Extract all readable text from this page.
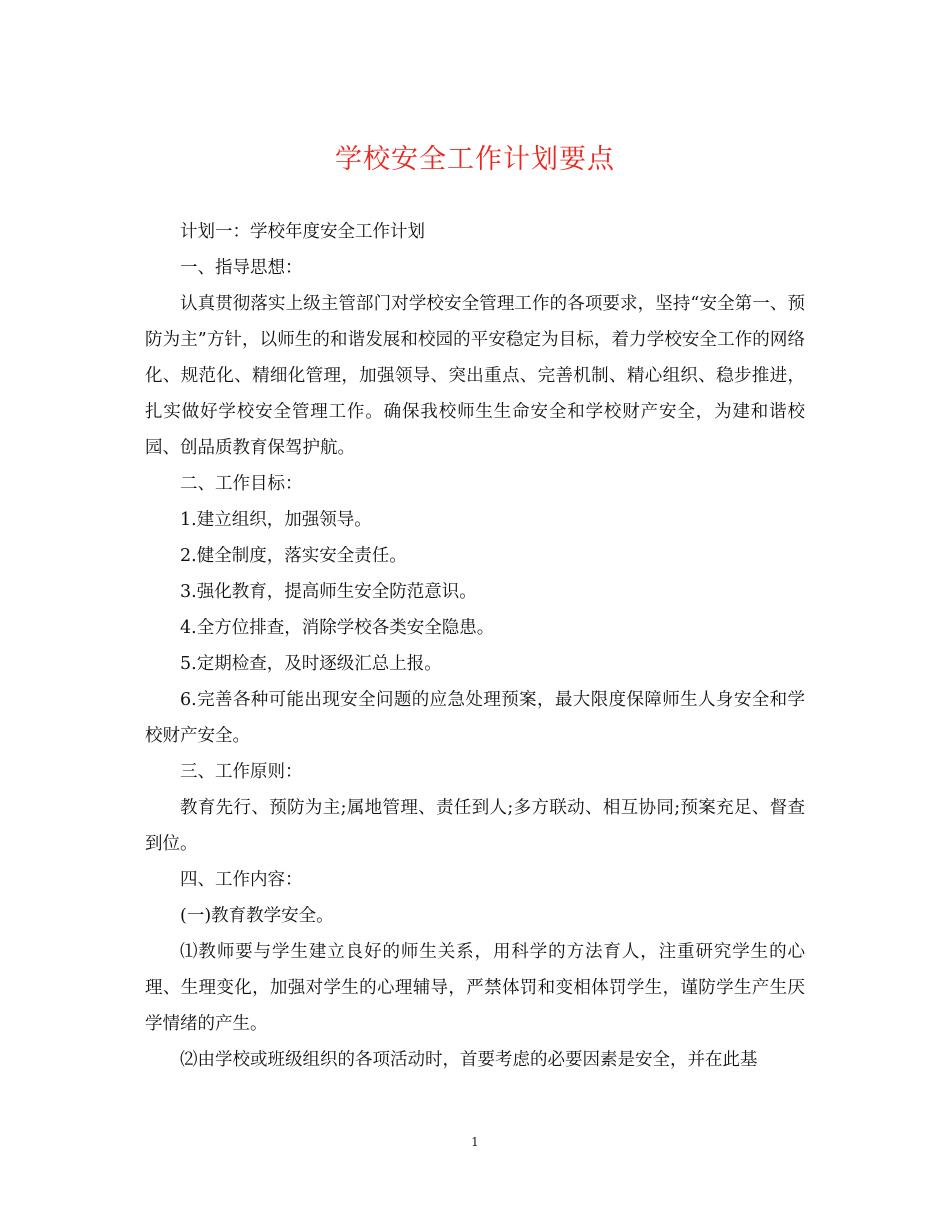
学校安全工作计划要点

计划一：学校年度安全工作计划

一、指导思想：

认真贯彻落实上级主管部门对学校安全管理工作的各项要求，坚持“安全第一、预防为主”方针，以师生的和谐发展和校园的平安稳定为目标，着力学校安全工作的网络化、规范化、精细化管理，加强领导、突出重点、完善机制、精心组织、稳步推进，扎实做好学校安全管理工作。确保我校师生生命安全和学校财产安全，为建和谐校园、创品质教育保驾护航。

二、工作目标：

1.建立组织，加强领导。

2.健全制度，落实安全责任。

3.强化教育，提高师生安全防范意识。

4.全方位排查，消除学校各类安全隐患。

5.定期检查，及时逐级汇总上报。

6.完善各种可能出现安全问题的应急处理预案，最大限度保障师生人身安全和学校财产安全。

三、工作原则：

教育先行、预防为主;属地管理、责任到人;多方联动、相互协同;预案充足、督查到位。

四、工作内容：

(一)教育教学安全。

⑴教师要与学生建立良好的师生关系，用科学的方法育人，注重研究学生的心理、生理变化，加强对学生的心理辅导，严禁体罚和变相体罚学生，谨防学生产生厌学情绪的产生。

⑵由学校或班级组织的各项活动时，首要考虑的必要因素是安全，并在此基

1
